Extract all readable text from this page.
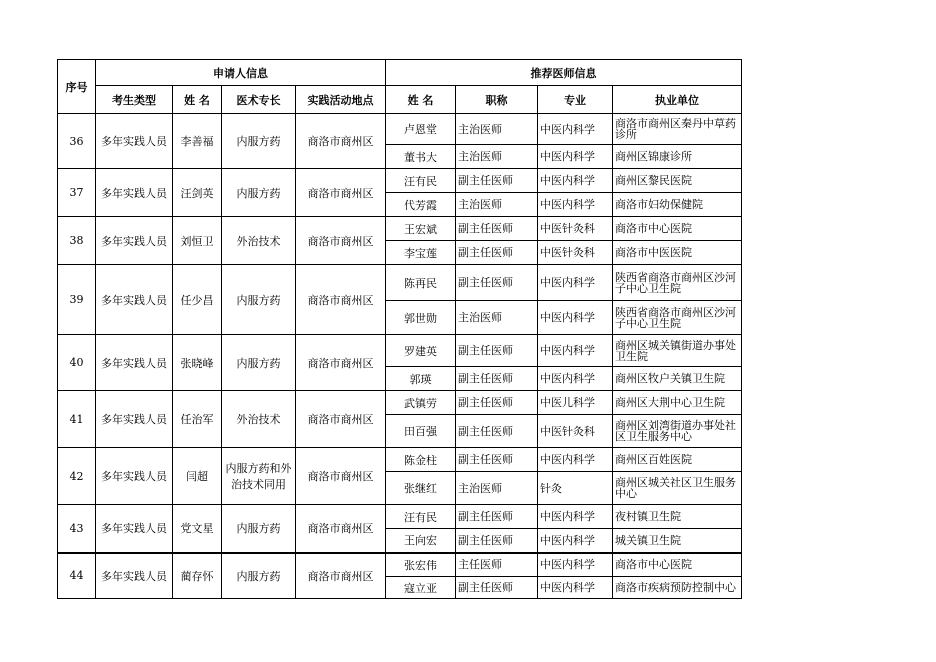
序号	申请人信息				推荐医师信息			
	考生类型	姓 名	医术专长	实践活动地点	姓 名	职称	专业	执业单位
36	多年实践人员	李善福	内服方药	商洛市商州区	卢恩堂	主治医师	中医内科学	商洛市商州区秦丹中草药诊所
					董书大	主治医师	中医内科学	商州区锦康诊所
37	多年实践人员	汪剑英	内服方药	商洛市商州区	汪有民	副主任医师	中医内科学	商州区黎民医院
					代芳霞	主治医师	中医内科学	商洛市妇幼保健院
38	多年实践人员	刘恒卫	外治技术	商洛市商州区	王宏斌	副主任医师	中医针灸科	商洛市中心医院
					李宝莲	副主任医师	中医针灸科	商洛市中医医院
39	多年实践人员	任少昌	内服方药	商洛市商州区	陈再民	副主任医师	中医内科学	陕西省商洛市商州区沙河子中心卫生院
					郭世勋	主治医师	中医内科学	陕西省商洛市商州区沙河子中心卫生院
40	多年实践人员	张晓峰	内服方药	商洛市商州区	罗建英	副主任医师	中医内科学	商州区城关镇街道办事处卫生院
					郭瑛	副主任医师	中医内科学	商州区牧户关镇卫生院
41	多年实践人员	任治军	外治技术	商洛市商州区	武镇劳	副主任医师	中医儿科学	商州区大荆中心卫生院
					田百强	副主任医师	中医针灸科	商州区刘湾街道办事处社区卫生服务中心
42	多年实践人员	闫超	内服方药和外治技术同用	商洛市商州区	陈金柱	副主任医师	中医内科学	商州区百姓医院
					张继红	主治医师	针灸	商州区城关社区卫生服务中心
43	多年实践人员	党文星	内服方药	商洛市商州区	汪有民	副主任医师	中医内科学	夜村镇卫生院
					王向宏	副主任医师	中医内科学	城关镇卫生院
44	多年实践人员	蔺存怀	内服方药	商洛市商州区	张宏伟	主任医师	中医内科学	商洛市中心医院
					寇立亚	副主任医师	中医内科学	商洛市疾病预防控制中心
